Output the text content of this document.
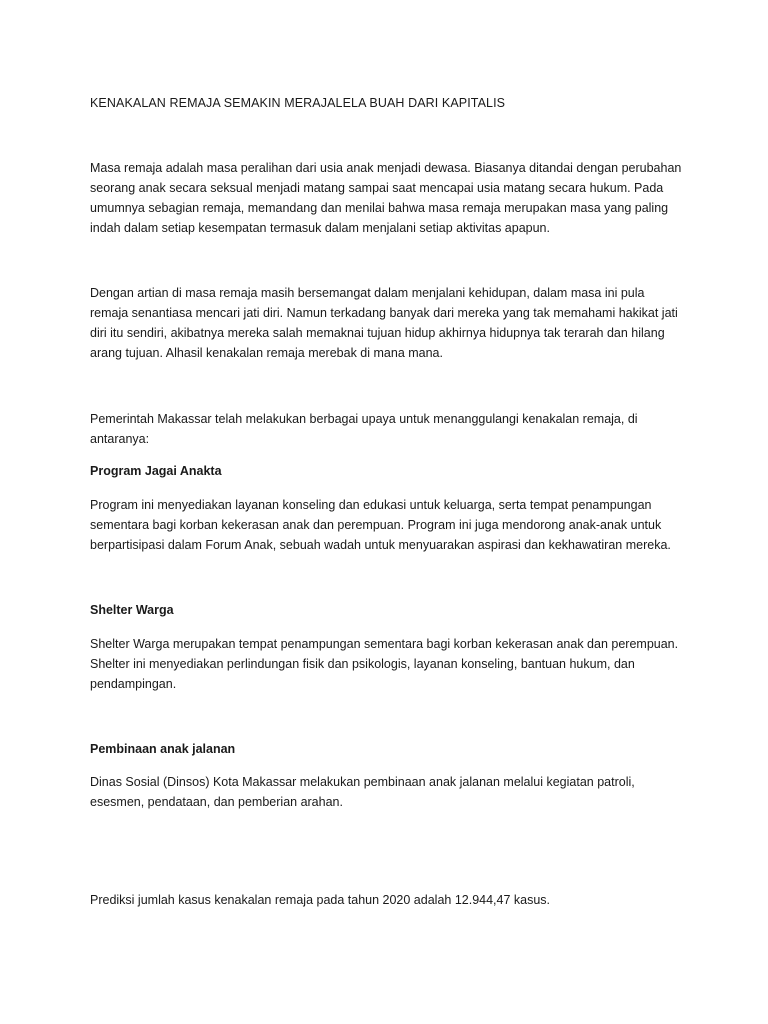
KENAKALAN REMAJA SEMAKIN MERAJALELA BUAH DARI KAPITALIS

Masa remaja adalah masa peralihan dari usia anak menjadi dewasa. Biasanya ditandai dengan perubahan seorang anak secara seksual menjadi matang sampai saat mencapai usia matang secara hukum. Pada umumnya sebagian remaja, memandang dan menilai bahwa masa remaja merupakan masa yang paling indah dalam setiap kesempatan termasuk dalam menjalani setiap aktivitas apapun.

Dengan artian di masa remaja masih bersemangat dalam menjalani kehidupan, dalam masa ini pula remaja senantiasa mencari jati diri. Namun terkadang banyak dari mereka yang tak memahami hakikat jati diri itu sendiri, akibatnya mereka salah memaknai tujuan hidup akhirnya hidupnya tak terarah dan hilang arang tujuan. Alhasil kenakalan remaja merebak di mana mana.

Pemerintah Makassar telah melakukan berbagai upaya untuk menanggulangi kenakalan remaja, di antaranya:

Program Jagai Anakta

Program ini menyediakan layanan konseling dan edukasi untuk keluarga, serta tempat penampungan sementara bagi korban kekerasan anak dan perempuan. Program ini juga mendorong anak-anak untuk berpartisipasi dalam Forum Anak, sebuah wadah untuk menyuarakan aspirasi dan kekhawatiran mereka.

Shelter Warga

Shelter Warga merupakan tempat penampungan sementara bagi korban kekerasan anak dan perempuan. Shelter ini menyediakan perlindungan fisik dan psikologis, layanan konseling, bantuan hukum, dan pendampingan.

Pembinaan anak jalanan

Dinas Sosial (Dinsos) Kota Makassar melakukan pembinaan anak jalanan melalui kegiatan patroli, esesmen, pendataan, dan pemberian arahan.

Prediksi jumlah kasus kenakalan remaja pada tahun 2020 adalah 12.944,47 kasus.
